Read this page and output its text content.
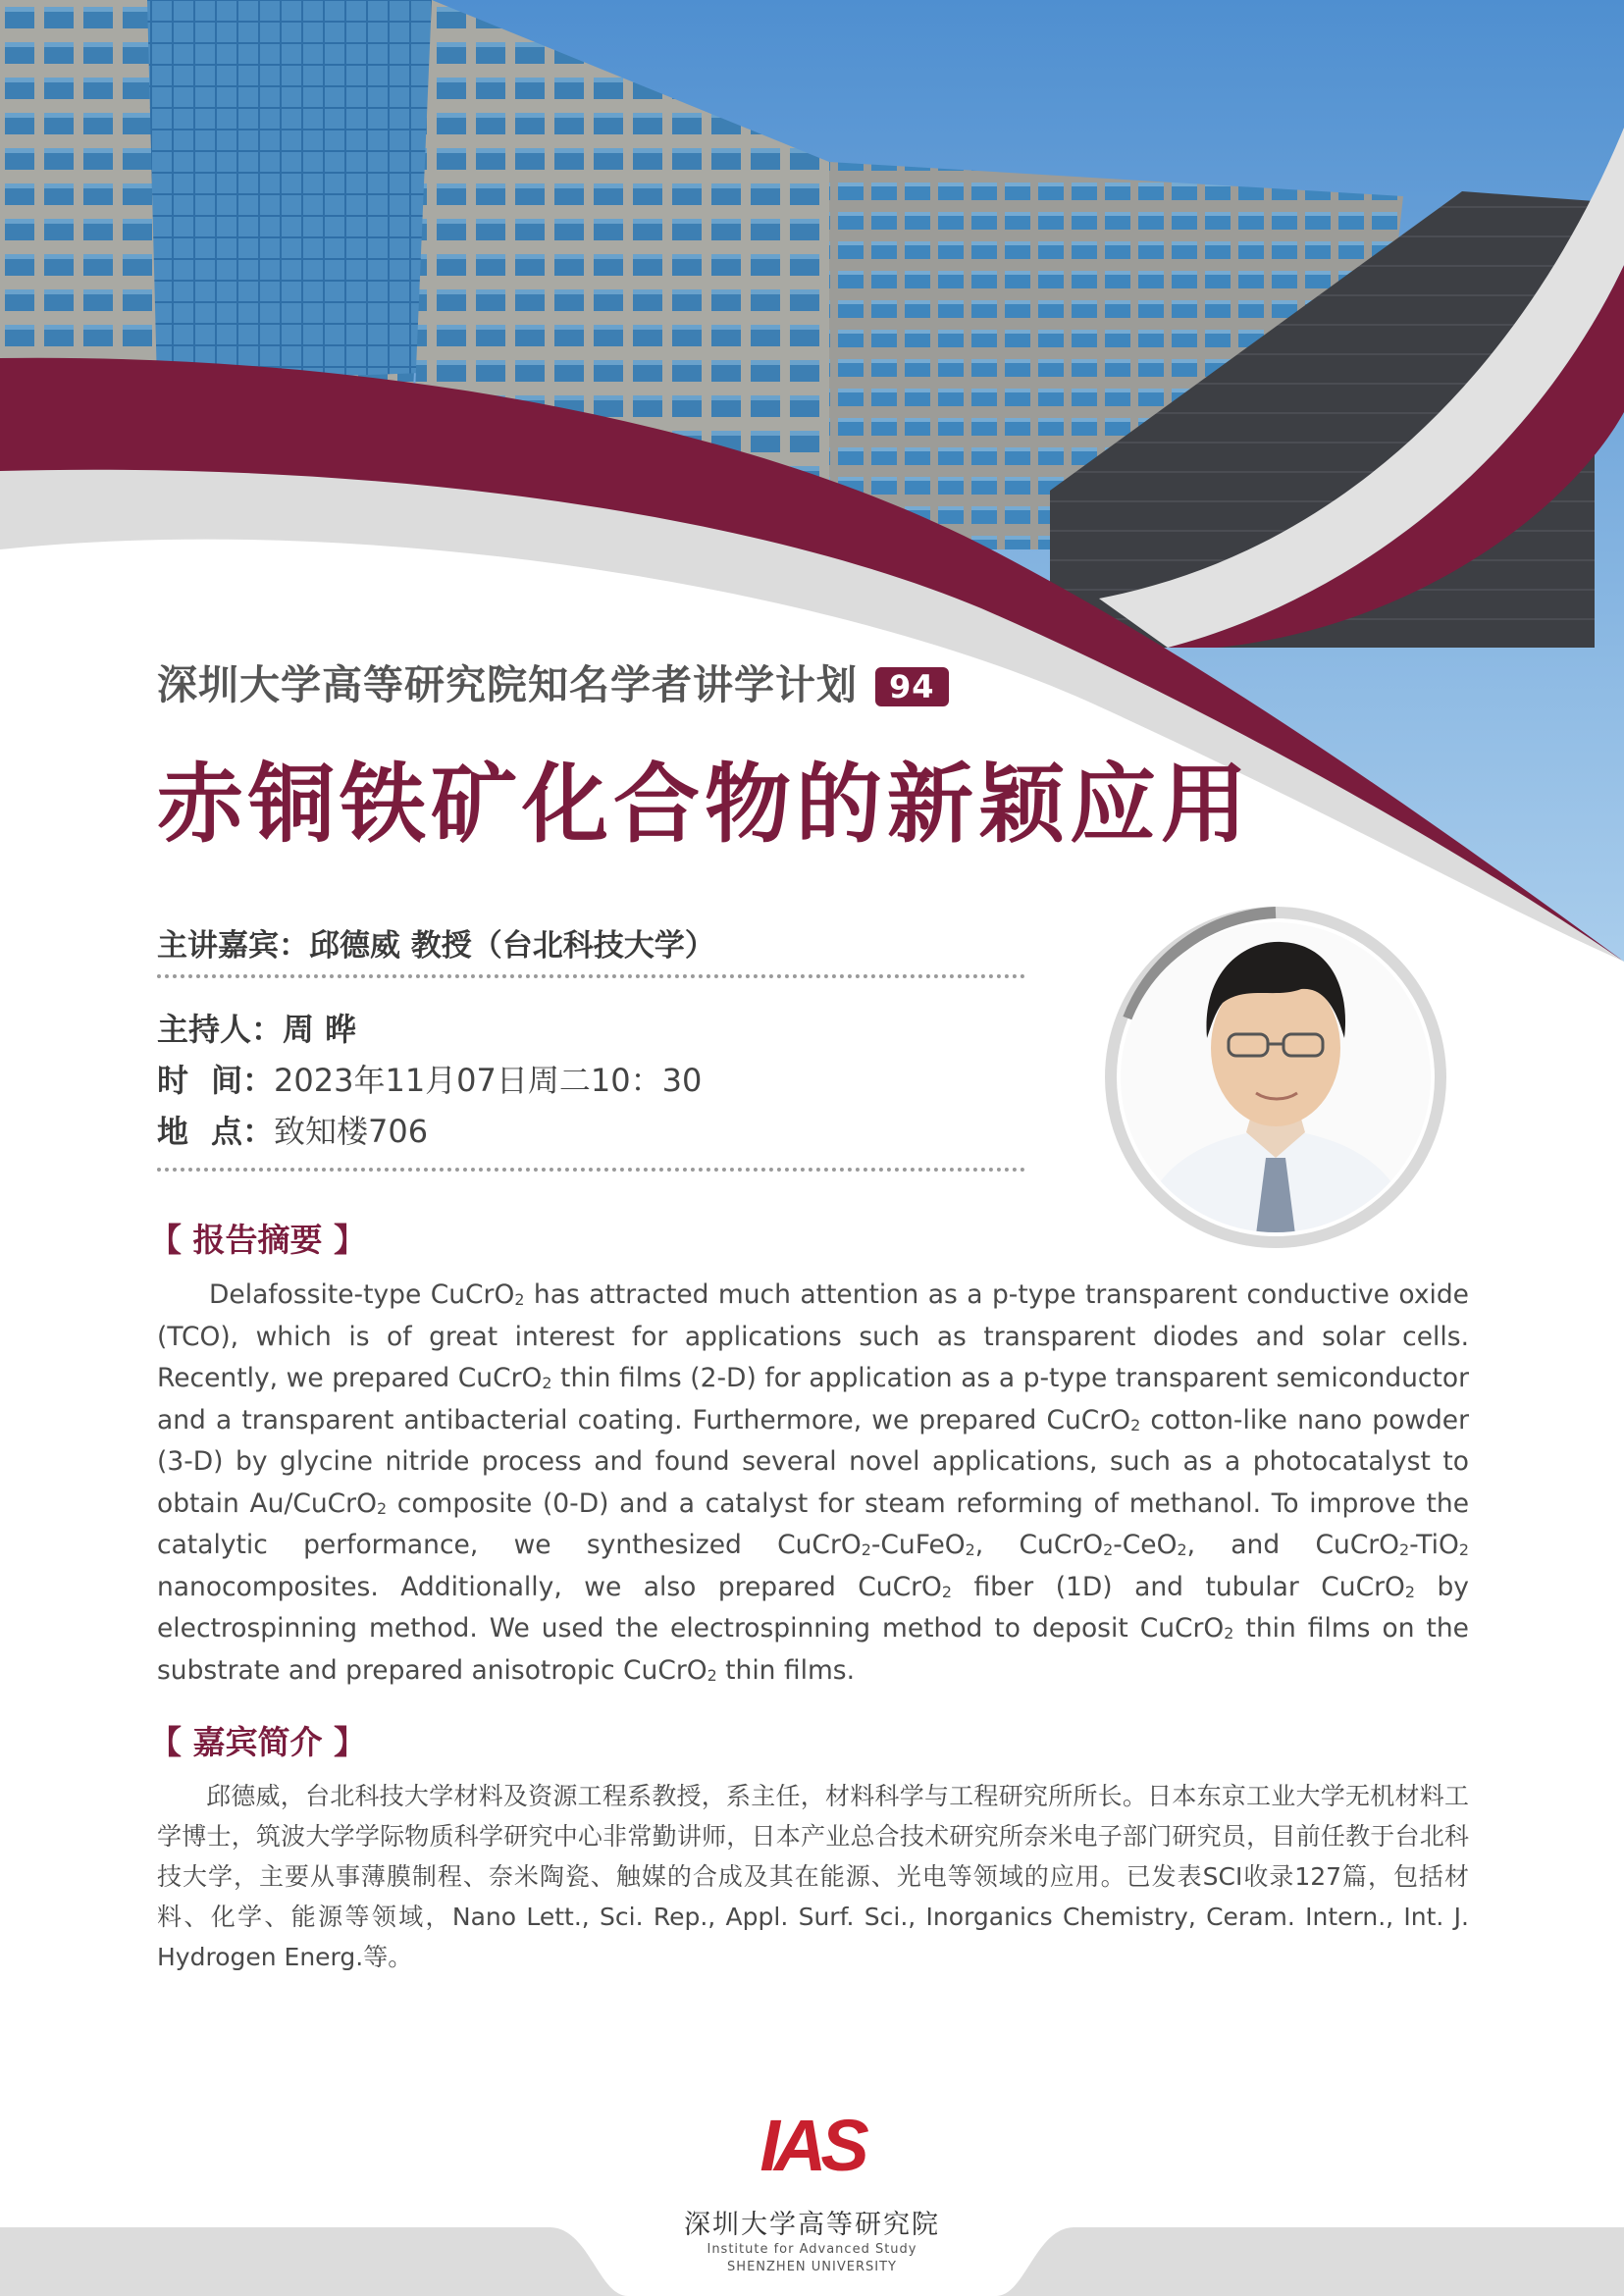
深圳大学高等研究院知名学者讲学计划 94
赤铜铁矿化合物的新颖应用
主讲嘉宾：邱德威 教授（台北科技大学）
主持人：周 晔
时 间：2023年11月07日周二10：30
地 点：致知楼706
【 报告摘要 】

Delafossite-type CuCrO$_2$ has attracted much attention as a p-type transparent conductive oxide (TCO), which is of great interest for applications such as transparent diodes and solar cells. Recently, we prepared CuCrO$_2$ thin films (2-D) for application as a p-type transparent semiconductor and a transparent antibacterial coating. Furthermore, we prepared CuCrO$_2$ cotton-like nano powder (3-D) by glycine nitride process and found several novel applications, such as a photocatalyst to obtain Au/CuCrO$_2$ composite (0-D) and a catalyst for steam reforming of methanol. To improve the catalytic performance, we synthesized CuCrO$_2$-CuFeO$_2$, CuCrO$_2$-CeO$_2$, and CuCrO$_2$-TiO$_2$ nanocomposites. Additionally, we also prepared CuCrO$_2$ fiber (1D) and tubular CuCrO$_2$ by electrospinning method. We used the electrospinning method to deposit CuCrO$_2$ thin films on the substrate and prepared anisotropic CuCrO$_2$ thin films.

【 嘉宾简介 】

邱德威，台北科技大学材料及资源工程系教授，系主任，材料科学与工程研究所所长。日本东京工业大学无机材料工学博士，筑波大学学际物质科学研究中心非常勤讲师，日本产业总合技术研究所奈米电子部门研究员，目前任教于台北科技大学，主要从事薄膜制程、奈米陶瓷、触媒的合成及其在能源、光电等领域的应用。已发表SCI收录127篇，包括材料、化学、能源等领域，Nano Lett., Sci. Rep., Appl. Surf. Sci., Inorganics Chemistry, Ceram. Intern., Int. J. Hydrogen Energ.等。

IAS
深圳大学高等研究院
Institute for Advanced Study
SHENZHEN UNIVERSITY
